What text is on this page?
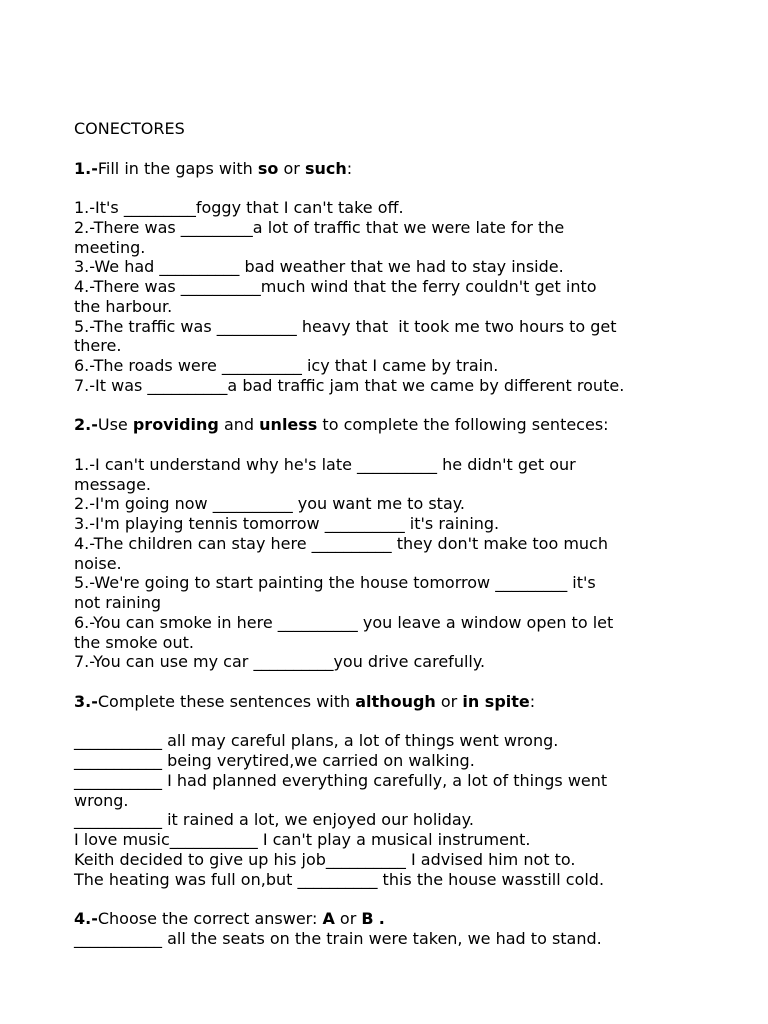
CONECTORES

1.-Fill in the gaps with so or such:

1.-It's _________foggy that I can't take off.

2.-There was _________a lot of traffic that we were late for the

meeting.

3.-We had __________ bad weather that we had to stay inside.

4.-There was __________much wind that the ferry couldn't get into

the harbour.

5.-The traffic was __________ heavy that  it took me two hours to get

there.

6.-The roads were __________ icy that I came by train.

7.-It was __________a bad traffic jam that we came by different route.

2.-Use providing and unless to complete the following senteces:

1.-I can't understand why he's late __________ he didn't get our

message.

2.-I'm going now __________ you want me to stay.

3.-I'm playing tennis tomorrow __________ it's raining.

4.-The children can stay here __________ they don't make too much

noise.

5.-We're going to start painting the house tomorrow _________ it's

not raining

6.-You can smoke in here __________ you leave a window open to let

the smoke out.

7.-You can use my car __________you drive carefully.

3.-Complete these sentences with although or in spite:

___________ all may careful plans, a lot of things went wrong.

___________ being verytired,we carried on walking.

___________ I had planned everything carefully, a lot of things went

wrong.

___________ it rained a lot, we enjoyed our holiday.

I love music___________ I can't play a musical instrument.

Keith decided to give up his job__________ I advised him not to.

The heating was full on,but __________ this the house wasstill cold.

4.-Choose the correct answer: A or B .

___________ all the seats on the train were taken, we had to stand.
